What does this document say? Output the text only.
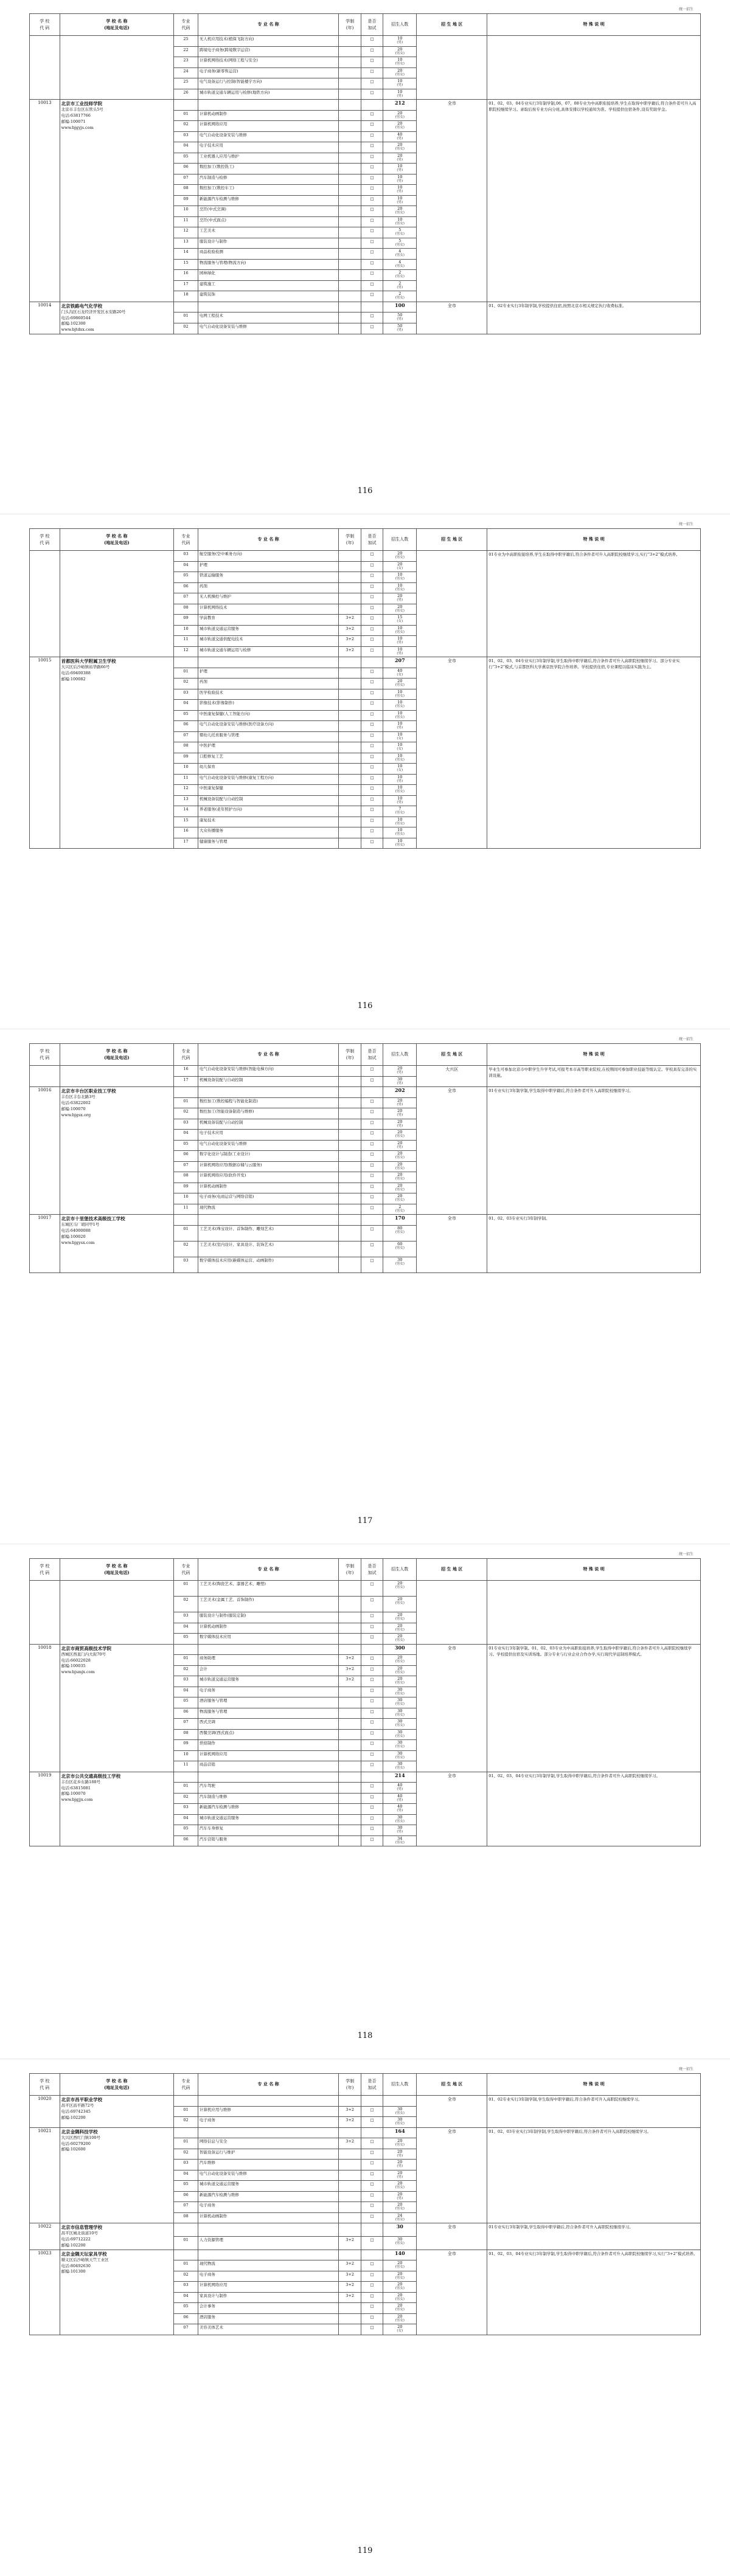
统一招生
学 校
代 码	学 校 名 称
(地址及电话)	专业
代码	专 业 名 称	学制
(年)	是否
加试	招生人数	招 生 地 区	特 殊 说 明

	25	无人机应用技术(植保飞防方向)		□	10
(男)		

		22	跨境电子商务(跨境数字运营)		□	20
(男女)		

		23	计算机网络技术(网络工程与安全)		□	10
(男女)		

		24	电子商务(新零售运营)		□	20
(男女)		

		25	电气设备运行与控制(智能楼宇方向)		□	10
(男)		

		26	城市轨道交通车辆运用与检修(地铁方向)		□	10
(男)		

10013	北京市工业技师学院
北京市丰台区东管头5号
电话:63817766
邮编:100071
www.bjgyjs.com					212	全市	01、02、03、04专业实行3年制学制,06、07、08专业为中高职衔接培养,学生在取得中职学籍后,符合条件者可升入高职院校继续学习。录取后按专业方向分班,具体安排以学校通知为准。学校提供住宿条件,设有奖助学金。
		01	计算机动画制作		□	20
(男女)		

		02	计算机网络应用		□	20
(男女)		

		03	电气自动化设备安装与维修		□	40
(男)		

		04	电子技术应用		□	20
(男女)		

		05	工业机器人应用与维护		□	20
(男)		

		06	数控加工(数控铣工)		□	10
(男)		

		07	汽车制造与检修		□	10
(男)		

		08	数控加工(数控车工)		□	10
(男)		

		09	新能源汽车检测与维修		□	10
(男)		

		10	烹饪(中式烹调)		□	20
(男女)		

		11	烹饪(中式面点)		□	10
(男女)		

		12	工艺美术		□	5
(男女)		

		13	服装设计与制作		□	5
(男女)		

		14	商品检验检测		□	4
(男女)		

		15	物流服务与管理(物流方向)		□	4
(男女)		

		16	园林绿化		□	2
(男女)		

		17	建筑施工		□	2
(男)		

		18	建筑装饰		□	2
(男女)		

10014	北京铁路电气化学校
门头沟区石龙经济开发区永安路20号
电话:69860544
邮编:102300
www.bjtdxx.com					100	全市	01、02专业实行3年制学制,学校提供住宿,按照北京市相关规定执行收费标准。
		01	电网工程技术		□	50
(男)		

		02	电气自动化设备安装与维修		□	50
(男)		
116
统一招生
学 校
代 码	学 校 名 称
(地址及电话)	专业
代码	专 业 名 称	学制
(年)	是否
加试	招生人数	招 生 地 区	特 殊 说 明

	03	航空服务(空中乘务方向)		□	20
(男女)		01专业为中高职衔接培养,学生在取得中职学籍后,符合条件者可升入高职院校继续学习,实行“3+2”模式培养。
		04	护理		□	20
(女)		

		05	铁道运输服务		□	10
(男女)		

		06	药剂		□	10
(男女)		

		07	无人机操控与维护		□	20
(男)		

		08	计算机网络技术		□	20
(男女)		

		09	学前教育	3+2	□	15
(女)		

		10	城市轨道交通运营服务	3+2	□	10
(男女)		

		11	城市轨道交通供配电技术	3+2	□	10
(男)		

		12	城市轨道交通车辆运用与检修	3+2	□	10
(男)		

10015	首都医科大学附属卫生学校
大兴区后沙峪镇裕华路66号
电话:69400388
邮编:100082					207	全市	01、02、03、04专业实行3年制学制,学生取得中职学籍后,符合条件者可升入高职院校继续学习。部分专业实行“3+2”模式,与首都医科大学燕京医学院合作培养。学校提供住宿,专业课程以临床实践为主。
		01	护理		□	40
(女)		

		02	药剂		□	20
(男女)		

		03	医学检验技术		□	10
(男女)		

		04	影像技术(影像制作)		□	10
(男女)		

		05	中医康复保健(人工智能方向)		□	10
(男女)		

		06	电气自动化设备安装与维修(医疗设备方向)		□	10
(男)		

		07	婴幼儿托育服务与管理		□	10
(女)		

		08	中医护理		□	10
(女)		

		09	口腔修复工艺		□	10
(男女)		

		10	幼儿保育		□	10
(女)		

		11	电气自动化设备安装与维修(康复工程方向)		□	10
(男)		

		12	中医康复保健		□	10
(男女)		

		13	机械设备装配与自动控制		□	10
(男)		

		14	养老服务(老年照护方向)		□	7
(男女)		

		15	康复技术		□	10
(男女)		

		16	大众传播服务		□	10
(男女)		

		17	健康服务与管理		□	10
(男女)		
116
统一招生
学 校
代 码	学 校 名 称
(地址及电话)	专业
代码	专 业 名 称	学制
(年)	是否
加试	招生人数	招 生 地 区	特 殊 说 明

	16	电气自动化设备安装与维修(智能电梯方向)		□	20
(男)	大兴区	毕业生可参加北京市中职学生升学考试,可报考本市高等职业院校,在校期间可参加职业技能等级认定。学校具有完善的实训设施。
		17	机械设备装配与自动控制		□	30
(男)		

10016	北京市丰台区职业技工学校
丰台区丰台北路3号
电话:63822002
邮编:100070
www.bjgsx.org					202	全市	01专业实行3年制学制,学生取得中职学籍后,符合条件者可升入高职院校继续学习。
		01	数控加工(数控编程与智能化制造)		□	20
(男)		

		02	数控加工(智能设备制造与维修)		□	20
(男)		

		03	机械设备装配与自动控制		□	20
(男)		

		04	电子技术应用		□	20
(男女)		

		05	电气自动化设备安装与维修		□	20
(男)		

		06	数字化设计与制造(工业设计)		□	20
(男女)		

		07	计算机网络应用(数据存储与云服务)		□	20
(男女)		

		08	计算机网络应用(软件开发)		□	20
(男女)		

		09	计算机动画制作		□	20
(男女)		

		10	电子商务(电商运营与网络营销)		□	20
(男女)		

		11	现代物流		□	2
(男女)		

10017	北京市十里堡技术高级技工学校
东城区马厂胡同甲1号
电话:64000088
邮编:100020
www.bjgysx.com					170	全市	01、02、03专业实行3年制学制。
		01	工艺美术(珠宝设计、首饰制作、雕刻艺术)		□	80
(男女)		

		02	工艺美术(室内设计、家具设计、装饰艺术)		□	60
(男女)		

		03	数字媒体技术应用(新媒体运营、动画制作)		□	30
(男女)		
117
统一招生
学 校
代 码	学 校 名 称
(地址及电话)	专业
代码	专 业 名 称	学制
(年)	是否
加试	招生人数	招 生 地 区	特 殊 说 明

	01	工艺美术(陶瓷艺术、漆器艺术、雕塑)		□	20
(男女)		

		02	工艺美术(金属工艺、首饰制作)		□	20
(男女)		

		03	服装设计与制作(服装定制)		□	20
(男女)		

		04	计算机动画制作		□	20
(男女)		

		05	数字媒体技术应用		□	20
(男女)		

10018	北京市商贸高级技术学院
西城区西直门内大街70号
电话:66022028
邮编:100035
www.bjsmjx.com					300	全市	01专业实行3年制学制。01、02、03专业为中高职衔接培养,学生取得中职学籍后,符合条件者可升入高职院校继续学习。学校提供住宿及实训场地。部分专业与行业企业合作办学,实行现代学徒制培养模式。
		01	商务助理	3+2	□	20
(男女)		

		02	会计	3+2	□	20
(男女)		

		03	城市轨道交通运营服务	3+2	□	20
(男女)		

		04	电子商务		□	30
(男女)		

		05	酒店服务与管理		□	30
(男女)		

		06	物流服务与管理		□	30
(男女)		

		07	西式烹调		□	30
(男女)		

		08	西餐烹调(西式面点)		□	30
(男女)		

		09	烘焙制作		□	30
(男女)		

		10	计算机网络应用		□	30
(男女)		

		11	商品营销		□	30
(男女)		

10019	北京市公共交通高级技工学校
丰台区花乡东路188号
电话:63815081
邮编:100070
www.bjgjjx.com					214	全市	01、02、03、04专业实行3年制学制,学生取得中职学籍后,符合条件者可升入高职院校继续学习。
		01	汽车驾驶		□	40
(男)		

		02	汽车制造与维修		□	40
(男)		

		03	新能源汽车检测与维修		□	40
(男)		

		04	城市轨道交通运营服务		□	30
(男女)		

		05	汽车车身修复		□	30
(男)		

		06	汽车营销与服务		□	34
(男女)		
118
统一招生
学 校
代 码	学 校 名 称
(地址及电话)	专业
代码	专 业 名 称	学制
(年)	是否
加试	招生人数	招 生 地 区	特 殊 说 明
10020	北京市昌平职业学校
昌平区昌平路72号
电话:69742345
邮编:102200						全市	01、02专业实行3年制学制,学生取得中职学籍后,符合条件者可升入高职院校继续学习。
		01	计算机应用与维修	3+2	□	30
(男女)		

		02	电子商务	3+2	□	30
(男女)		

10021	北京金隅科技学校
大兴区西红门镇100号
电话:60279200
邮编:102600					164	全市	01、02、03专业实行3年制学制,学生取得中职学籍后,符合条件者可升入高职院校继续学习。
		01	网络信息与安全	3+2	□	20
(男女)		

		02	智能设备运行与维护		□	20
(男)		

		03	汽车维修		□	20
(男)		

		04	电气自动化设备安装与维修		□	20
(男)		

		05	城市轨道交通运营服务		□	20
(男女)		

		06	新能源汽车检测与维修		□	20
(男)		

		07	电子商务		□	20
(男女)		

		08	计算机动画制作		□	24
(男女)		

10022	北京市信息管理学校
昌平区城北街道10号
电话:69712222
邮编:102200					30	全市	01专业实行3年制学制,学生取得中职学籍后,符合条件者可升入高职院校继续学习。
		01	人力资源管理	3+2	□	30
(男女)		

10023	北京金隅天坛家具学校
顺义区后沙峪镇天竺工业区
电话:80492630
邮编:101300					140	全市	01、02、03、04专业实行3年制学制,学生取得中职学籍后,符合条件者可升入高职院校继续学习,实行“3+2”模式培养。
		01	现代物流	3+2	□	20
(男女)		

		02	电子商务	3+2	□	20
(男女)		

		03	计算机网络应用	3+2	□	20
(男女)		

		04	家具设计与制作	3+2	□	20
(男女)		

		05	会计事务		□	20
(男女)		

		06	酒店服务		□	20
(男女)		

		07	美容美体艺术		□	20
(女)		
119
